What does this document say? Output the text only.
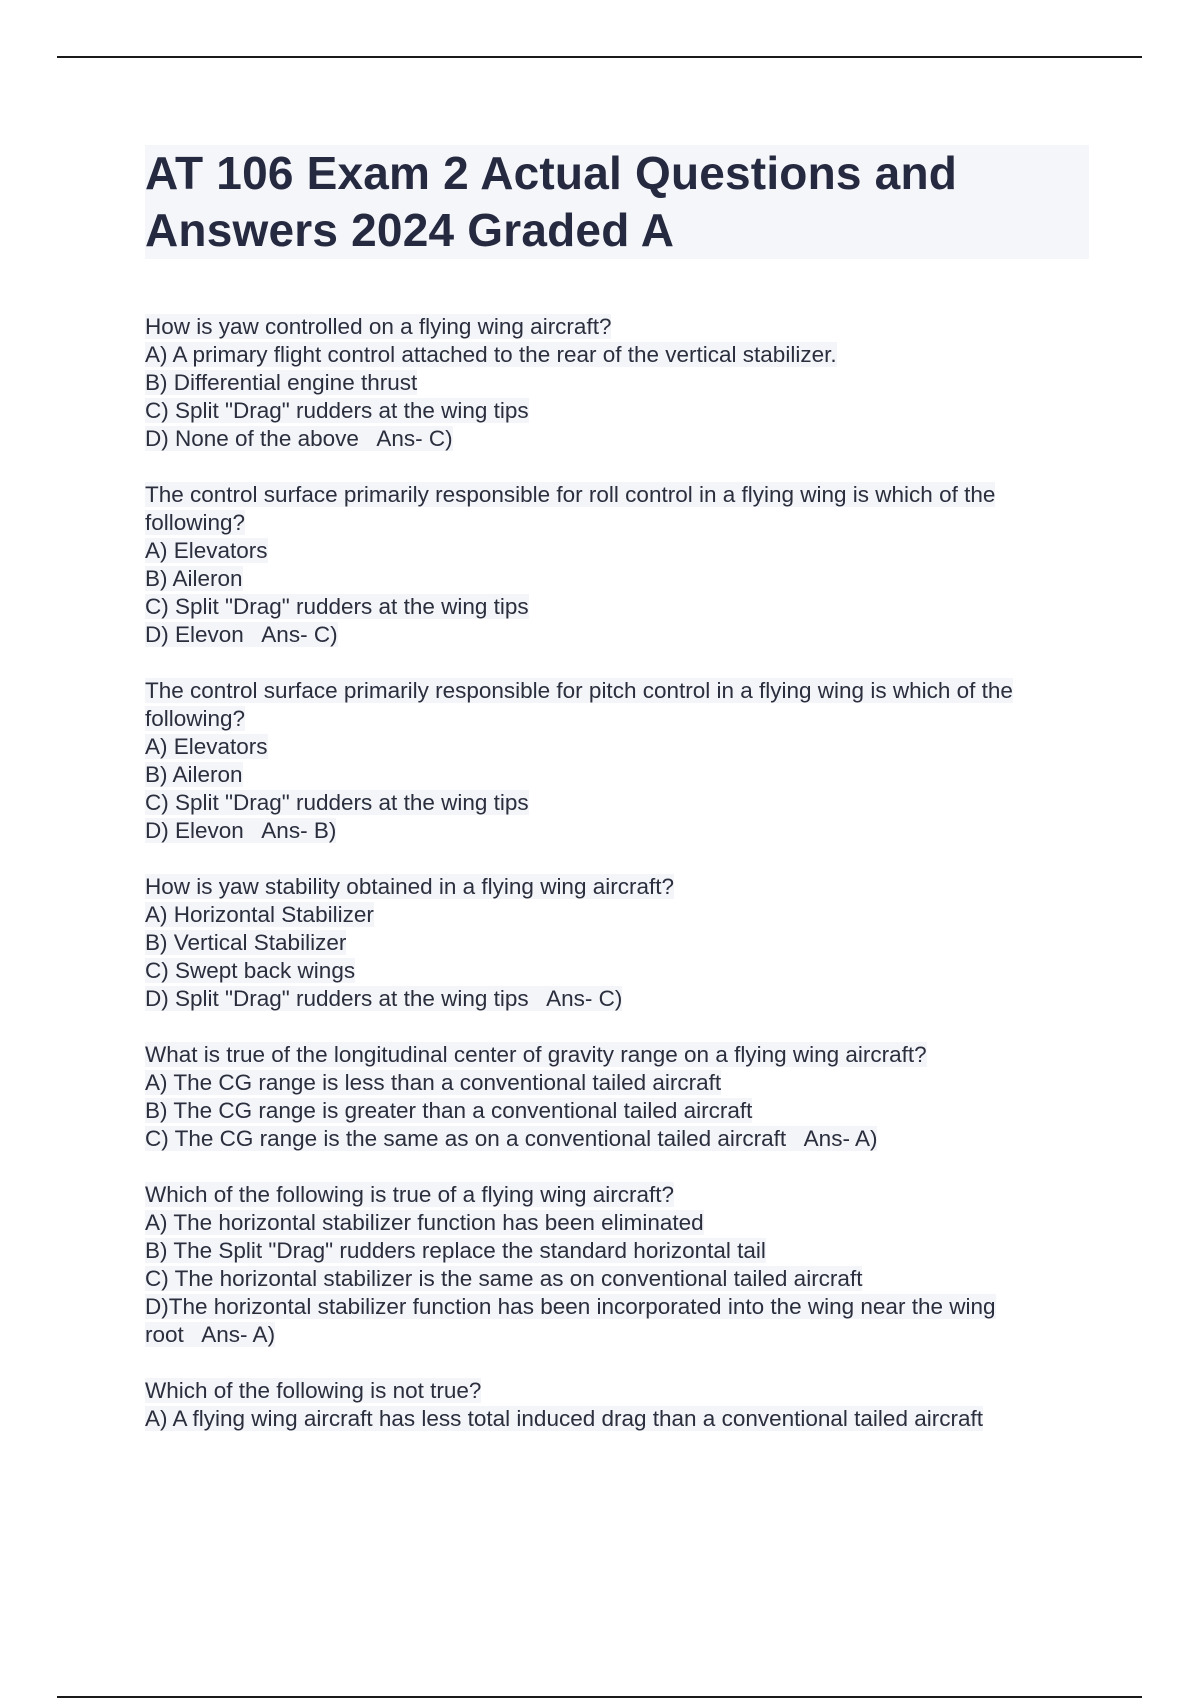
AT 106 Exam 2 Actual Questions and
Answers 2024 Graded A
How is yaw controlled on a flying wing aircraft?
A) A primary flight control attached to the rear of the vertical stabilizer.
B) Differential engine thrust
C) Split "Drag" rudders at the wing tips
D) None of the above   Ans- C)
The control surface primarily responsible for roll control in a flying wing is which of the
following?
A) Elevators
B) Aileron
C) Split "Drag" rudders at the wing tips
D) Elevon   Ans- C)
The control surface primarily responsible for pitch control in a flying wing is which of the
following?
A) Elevators
B) Aileron
C) Split "Drag" rudders at the wing tips
D) Elevon   Ans- B)
How is yaw stability obtained in a flying wing aircraft?
A) Horizontal Stabilizer
B) Vertical Stabilizer
C) Swept back wings
D) Split "Drag" rudders at the wing tips   Ans- C)
What is true of the longitudinal center of gravity range on a flying wing aircraft?
A) The CG range is less than a conventional tailed aircraft
B) The CG range is greater than a conventional tailed aircraft
C) The CG range is the same as on a conventional tailed aircraft   Ans- A)
Which of the following is true of a flying wing aircraft?
A) The horizontal stabilizer function has been eliminated
B) The Split "Drag" rudders replace the standard horizontal tail
C) The horizontal stabilizer is the same as on conventional tailed aircraft
D)The horizontal stabilizer function has been incorporated into the wing near the wing
root   Ans- A)
Which of the following is not true?
A) A flying wing aircraft has less total induced drag than a conventional tailed aircraft
